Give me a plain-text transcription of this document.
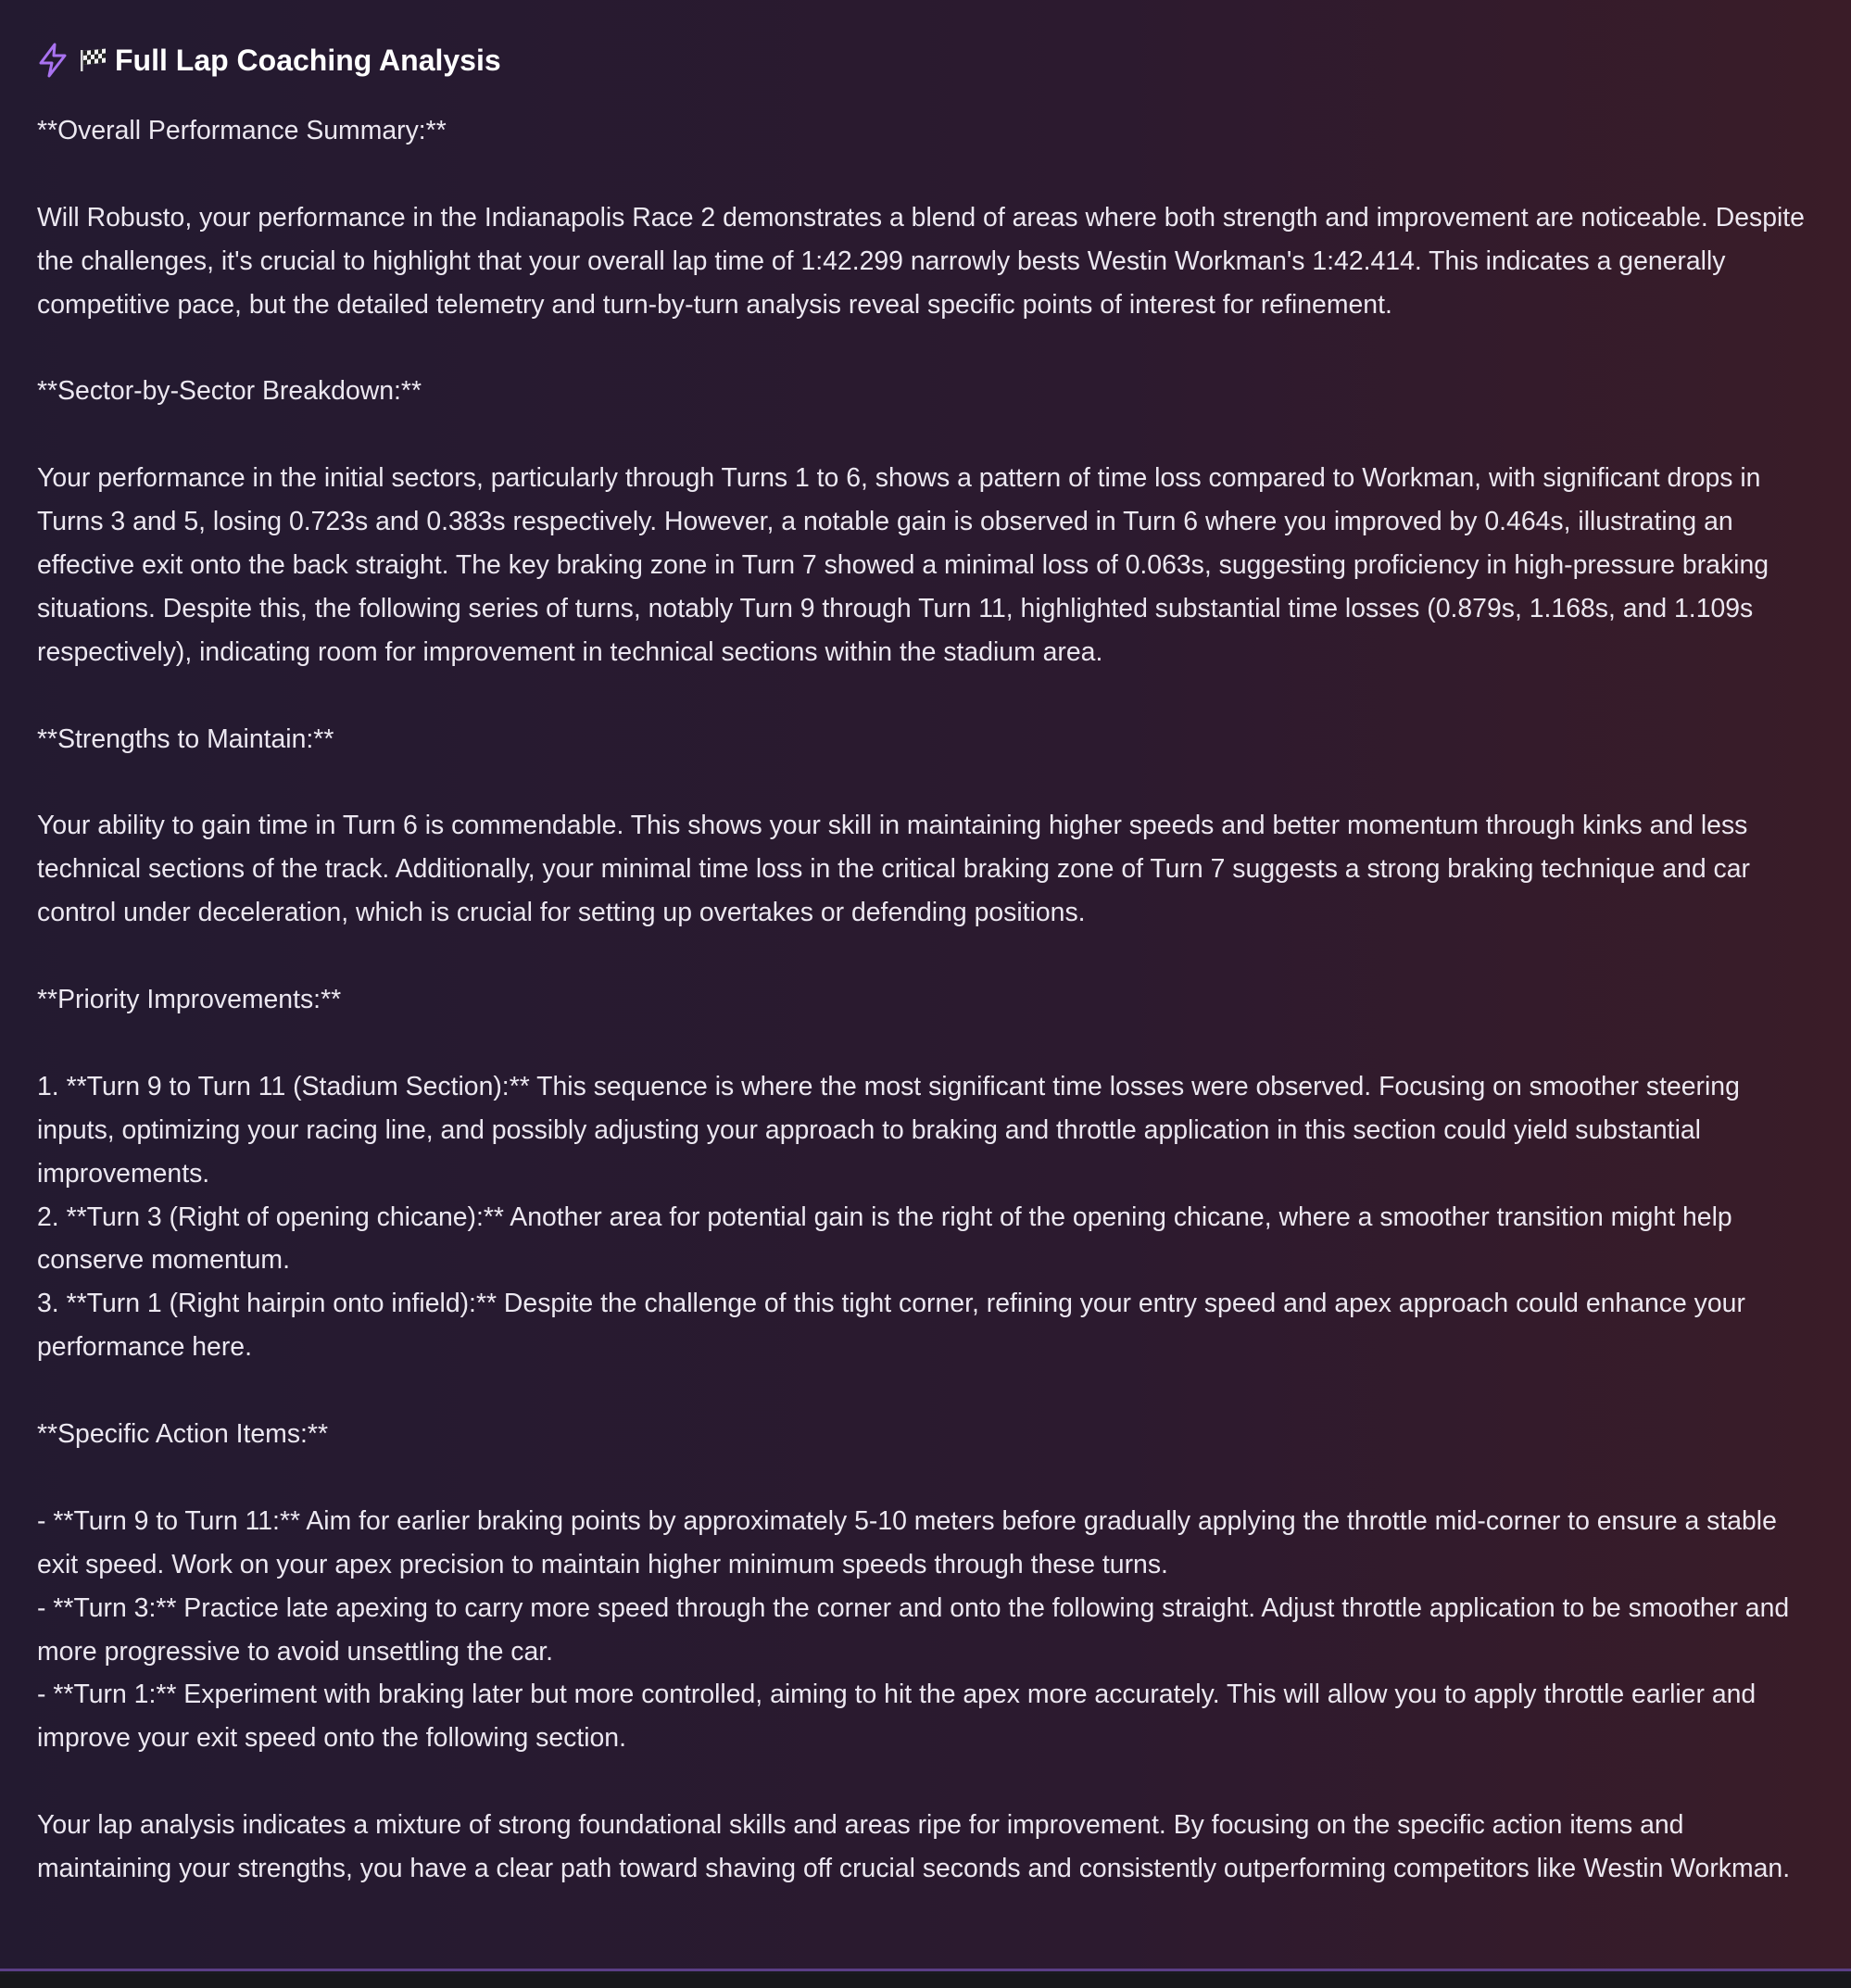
Full Lap Coaching Analysis

**Overall Performance Summary:**

Will Robusto, your performance in the Indianapolis Race 2 demonstrates a blend of areas where both strength and improvement are noticeable. Despite the challenges, it's crucial to highlight that your overall lap time of 1:42.299 narrowly bests Westin Workman's 1:42.414. This indicates a generally competitive pace, but the detailed telemetry and turn-by-turn analysis reveal specific points of interest for refinement.

**Sector-by-Sector Breakdown:**

Your performance in the initial sectors, particularly through Turns 1 to 6, shows a pattern of time loss compared to Workman, with significant drops in Turns 3 and 5, losing 0.723s and 0.383s respectively. However, a notable gain is observed in Turn 6 where you improved by 0.464s, illustrating an effective exit onto the back straight. The key braking zone in Turn 7 showed a minimal loss of 0.063s, suggesting proficiency in high-pressure braking situations. Despite this, the following series of turns, notably Turn 9 through Turn 11, highlighted substantial time losses (0.879s, 1.168s, and 1.109s respectively), indicating room for improvement in technical sections within the stadium area.

**Strengths to Maintain:**

Your ability to gain time in Turn 6 is commendable. This shows your skill in maintaining higher speeds and better momentum through kinks and less technical sections of the track. Additionally, your minimal time loss in the critical braking zone of Turn 7 suggests a strong braking technique and car control under deceleration, which is crucial for setting up overtakes or defending positions.

**Priority Improvements:**

1. **Turn 9 to Turn 11 (Stadium Section):** This sequence is where the most significant time losses were observed. Focusing on smoother steering inputs, optimizing your racing line, and possibly adjusting your approach to braking and throttle application in this section could yield substantial improvements.

2. **Turn 3 (Right of opening chicane):** Another area for potential gain is the right of the opening chicane, where a smoother transition might help conserve momentum.

3. **Turn 1 (Right hairpin onto infield):** Despite the challenge of this tight corner, refining your entry speed and apex approach could enhance your performance here.

**Specific Action Items:**

- **Turn 9 to Turn 11:** Aim for earlier braking points by approximately 5-10 meters before gradually applying the throttle mid-corner to ensure a stable exit speed. Work on your apex precision to maintain higher minimum speeds through these turns.

- **Turn 3:** Practice late apexing to carry more speed through the corner and onto the following straight. Adjust throttle application to be smoother and more progressive to avoid unsettling the car.

- **Turn 1:** Experiment with braking later but more controlled, aiming to hit the apex more accurately. This will allow you to apply throttle earlier and improve your exit speed onto the following section.

Your lap analysis indicates a mixture of strong foundational skills and areas ripe for improvement. By focusing on the specific action items and maintaining your strengths, you have a clear path toward shaving off crucial seconds and consistently outperforming competitors like Westin Workman.
